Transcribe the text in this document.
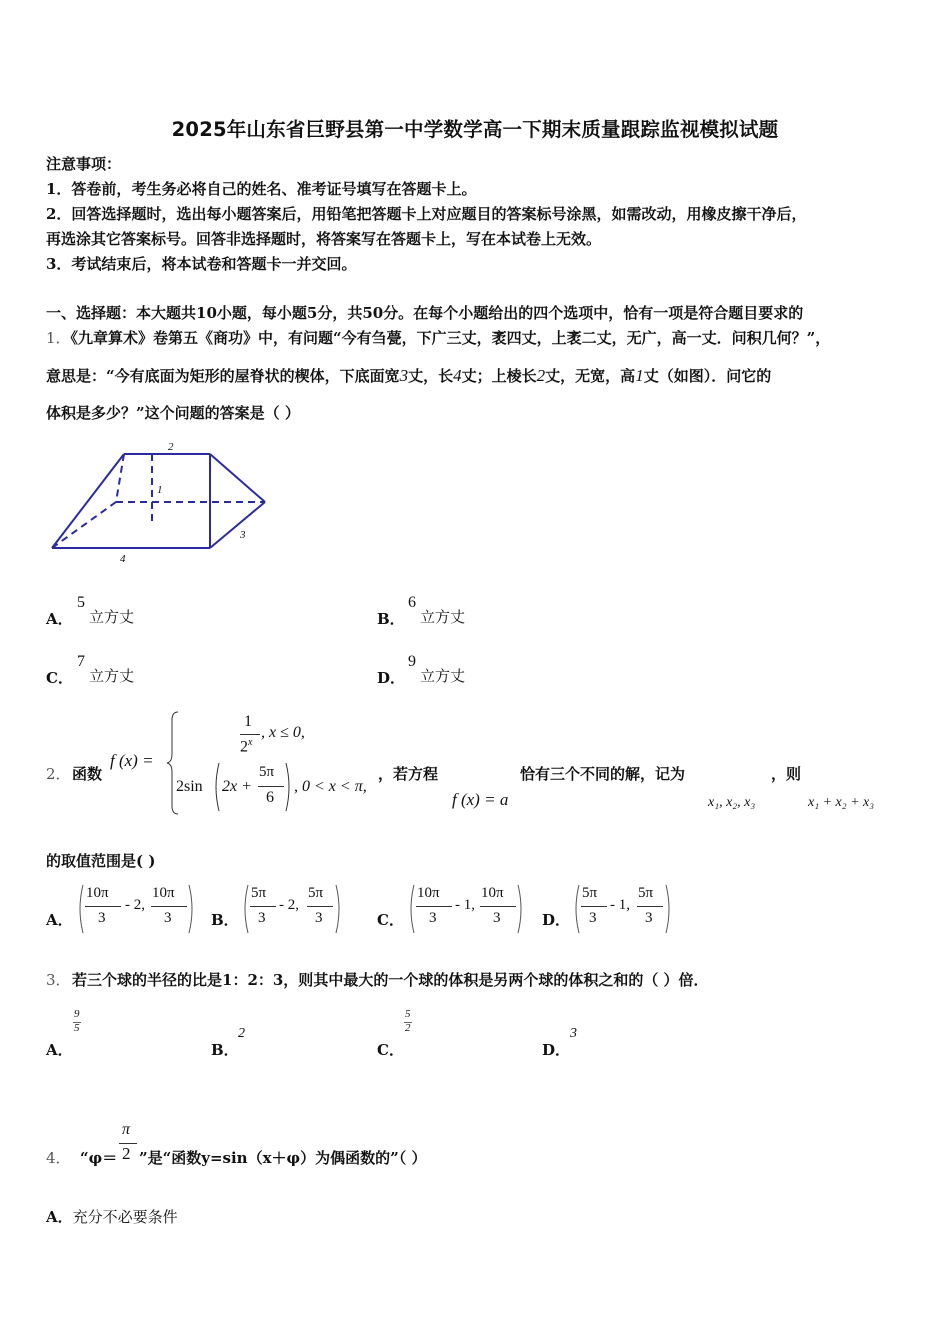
2025年山东省巨野县第一中学数学高一下期末质量跟踪监视模拟试题
注意事项：
1．答卷前，考生务必将自己的姓名、准考证号填写在答题卡上。
2．回答选择题时，选出每小题答案后，用铅笔把答题卡上对应题目的答案标号涂黑，如需改动，用橡皮擦干净后，
再选涂其它答案标号。回答非选择题时，将答案写在答题卡上，写在本试卷上无效。
3．考试结束后，将本试卷和答题卡一并交回。
一、选择题：本大题共10小题，每小题5分，共50分。在每个小题给出的四个选项中，恰有一项是符合题目要求的
1．《九章算术》卷第五《商功》中，有问题“今有刍甍，下广三丈，袤四丈，上袤二丈，无广，高一丈．问积几何？”，
意思是：“今有底面为矩形的屋脊状的楔体，下底面宽3丈，长4丈；上棱长2丈，无宽，高1丈（如图）．问它的
体积是多少？”这个问题的答案是（ ）
2
1
3
4
A．
5
立方丈	B．
6
立方丈
C．
7
立方丈	D．
9
立方丈
2． 函数
f (x) =
1
2$^x$
, x ≤ 0,
2sin 2x +
5π
6
, 0 < x < π,
，若方程
f (x) = a
恰有三个不同的解，记为
x₁, x₂, x₃
，则
x₁ + x₂ + x₃
的取值范围是( )
A．
10π
3
- 2,
10π
3	B．
5π
3
- 2,
5π
3	C．
10π
3
- 1,
10π
3	D．
5π
3
- 1,
5π
3
3． 若三个球的半径的比是1：2：3，则其中最大的一个球的体积是另两个球的体积之和的（ ）倍．
A．
9
5
B．
2
C．
5
2
D．
3
4． “φ＝
π
2 ”是“函数y=sin（x＋φ）为偶函数的”（ ）
A．充分不必要条件
